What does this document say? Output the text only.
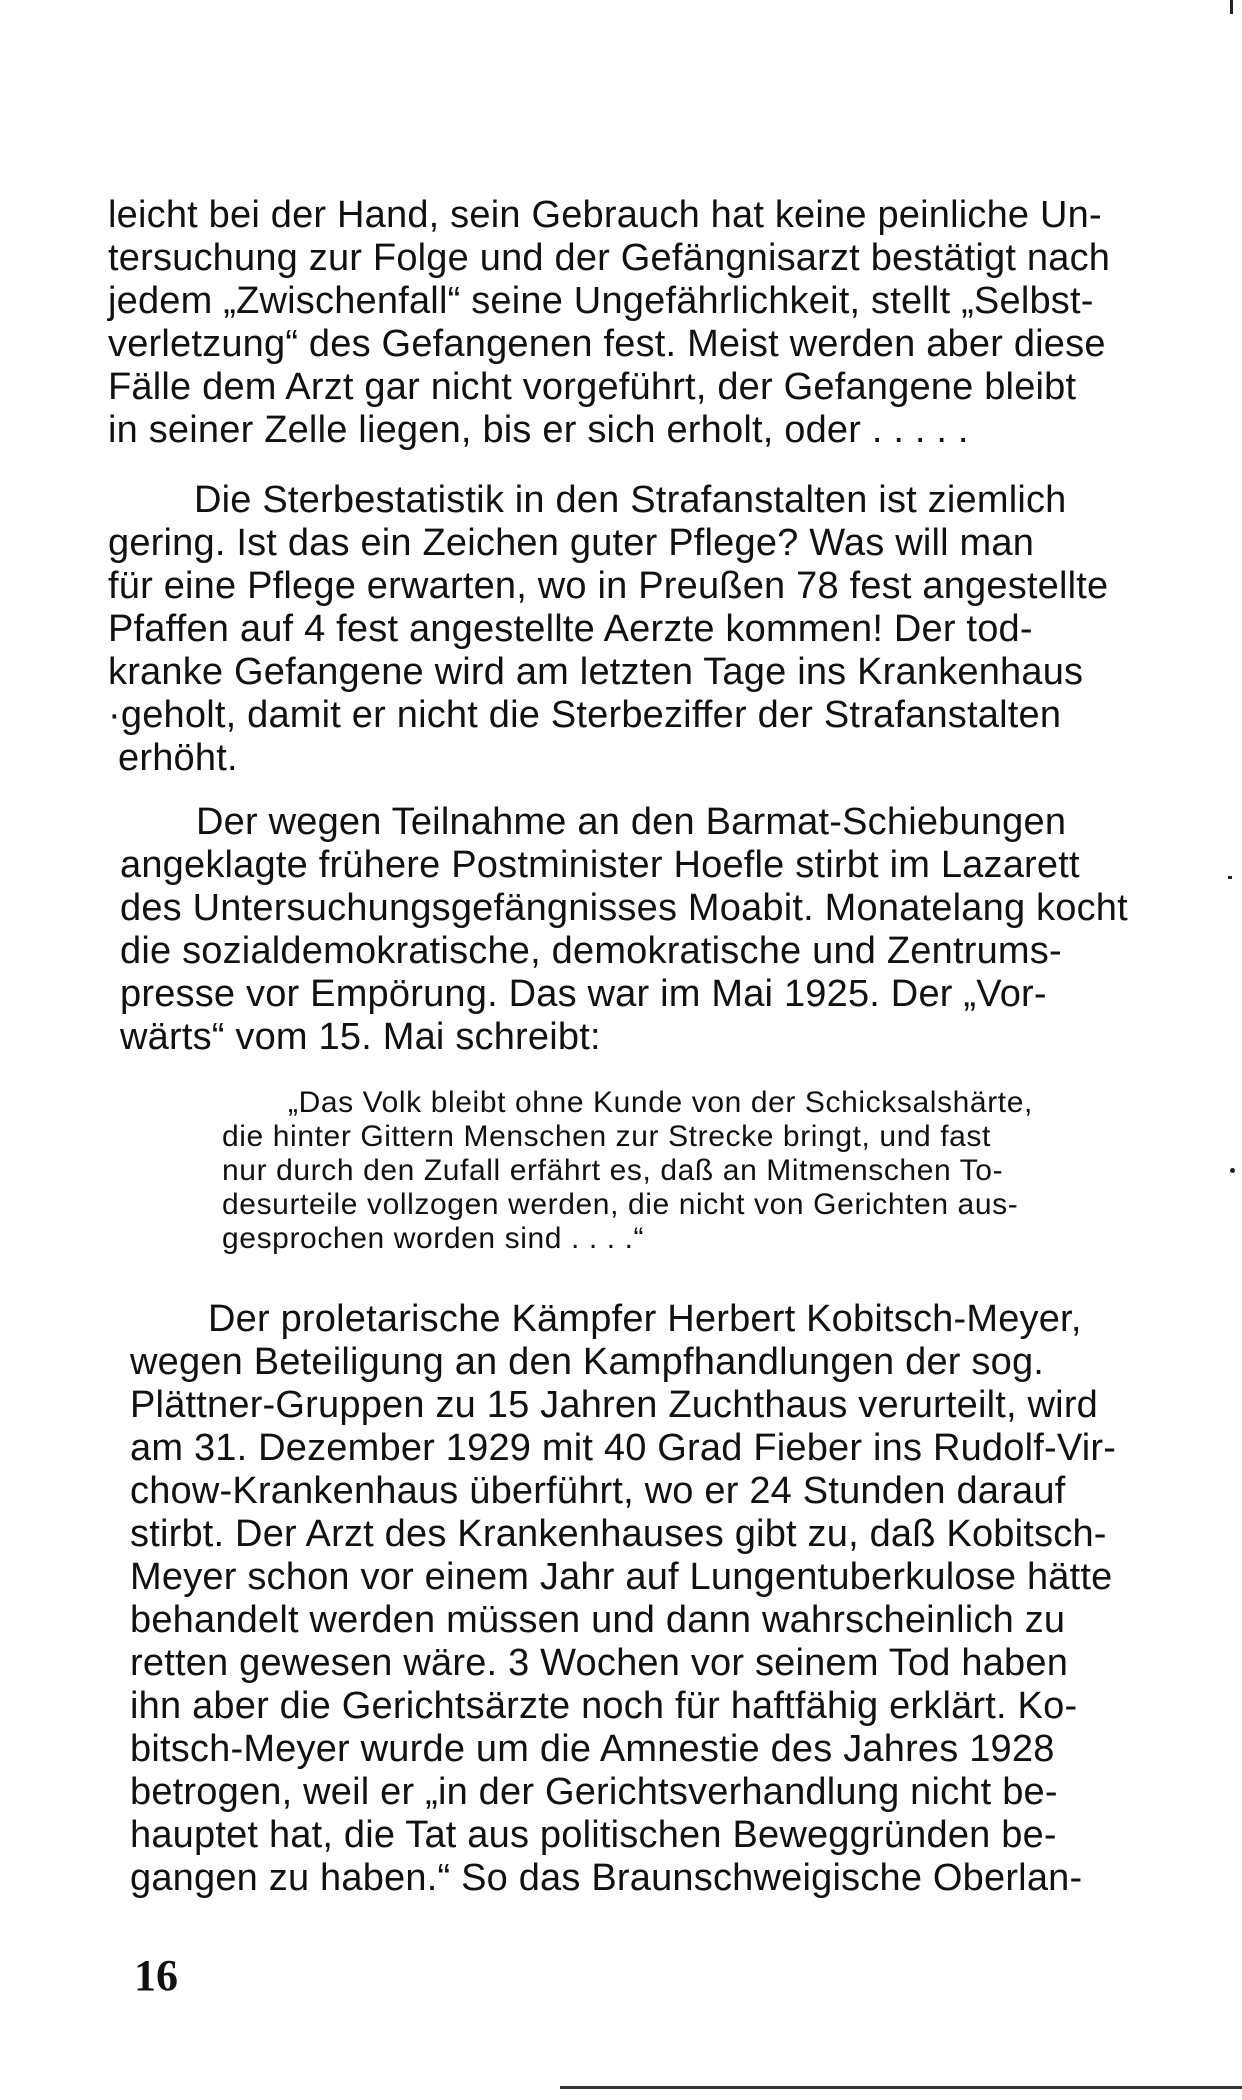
leicht bei der Hand, sein Gebrauch hat keine peinliche Un-
tersuchung zur Folge und der Gefängnisarzt bestätigt nach
jedem „Zwischenfall“ seine Ungefährlichkeit, stellt „Selbst-
verletzung“ des Gefangenen fest. Meist werden aber diese
Fälle dem Arzt gar nicht vorgeführt, der Gefangene bleibt
in seiner Zelle liegen, bis er sich erholt, oder . . . . .
Die Sterbestatistik in den Strafanstalten ist ziemlich
gering. Ist das ein Zeichen guter Pflege? Was will man
für eine Pflege erwarten, wo in Preußen 78 fest angestellte
Pfaffen auf 4 fest angestellte Aerzte kommen! Der tod-
kranke Gefangene wird am letzten Tage ins Krankenhaus
·geholt, damit er nicht die Sterbeziffer der Strafanstalten
erhöht.
Der wegen Teilnahme an den Barmat-Schiebungen
angeklagte frühere Postminister Hoefle stirbt im Lazarett
des Untersuchungsgefängnisses Moabit. Monatelang kocht
die sozialdemokratische, demokratische und Zentrums-
presse vor Empörung. Das war im Mai 1925. Der „Vor-
wärts“ vom 15. Mai schreibt:
„Das Volk bleibt ohne Kunde von der Schicksalshärte,
die hinter Gittern Menschen zur Strecke bringt, und fast
nur durch den Zufall erfährt es, daß an Mitmenschen To-
desurteile vollzogen werden, die nicht von Gerichten aus-
gesprochen worden sind . . . .“
Der proletarische Kämpfer Herbert Kobitsch-Meyer,
wegen Beteiligung an den Kampfhandlungen der sog.
Plättner-Gruppen zu 15 Jahren Zuchthaus verurteilt, wird
am 31. Dezember 1929 mit 40 Grad Fieber ins Rudolf-Vir-
chow-Krankenhaus überführt, wo er 24 Stunden darauf
stirbt. Der Arzt des Krankenhauses gibt zu, daß Kobitsch-
Meyer schon vor einem Jahr auf Lungentuberkulose hätte
behandelt werden müssen und dann wahrscheinlich zu
retten gewesen wäre. 3 Wochen vor seinem Tod haben
ihn aber die Gerichtsärzte noch für haftfähig erklärt. Ko-
bitsch-Meyer wurde um die Amnestie des Jahres 1928
betrogen, weil er „in der Gerichtsverhandlung nicht be-
hauptet hat, die Tat aus politischen Beweggründen be-
gangen zu haben.“ So das Braunschweigische Oberlan-
16
